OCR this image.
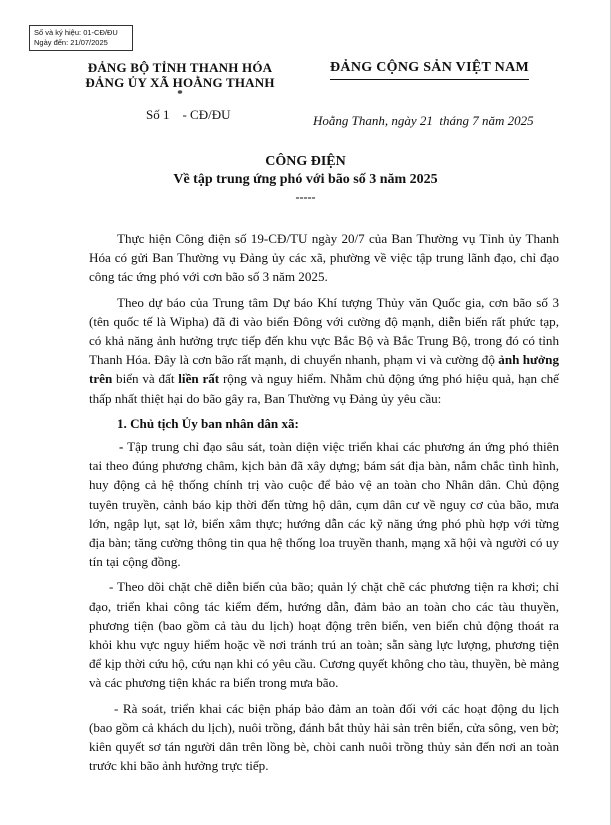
Số và ký hiệu: 01-CĐ/ĐU
Ngày đến: 21/07/2025
ĐẢNG BỘ TỈNH THANH HÓA
ĐẢNG ỦY XÃ HOẰNG THANH
*
Số 1    - CĐ/ĐU
ĐẢNG CỘNG SẢN VIỆT NAM
Hoằng Thanh, ngày 21  tháng 7 năm 2025
CÔNG ĐIỆN
Về tập trung ứng phó với bão số 3 năm 2025
-----

Thực hiện Công điện số 19-CĐ/TU ngày 20/7 của Ban Thường vụ Tỉnh ủy Thanh Hóa có gửi Ban Thường vụ Đảng ủy các xã, phường về việc tập trung lãnh đạo, chỉ đạo công tác ứng phó với cơn bão số 3 năm 2025.

Theo dự báo của Trung tâm Dự báo Khí tượng Thủy văn Quốc gia, cơn bão số 3 (tên quốc tế là Wipha) đã đi vào biển Đông với cường độ mạnh, diễn biến rất phức tạp, có khả năng ảnh hưởng trực tiếp đến khu vực Bắc Bộ và Bắc Trung Bộ, trong đó có tỉnh Thanh Hóa. Đây là cơn bão rất mạnh, di chuyển nhanh, phạm vi và cường độ ảnh hưởng trên biển và đất liền rất rộng và nguy hiểm. Nhằm chủ động ứng phó hiệu quả, hạn chế thấp nhất thiệt hại do bão gây ra, Ban Thường vụ Đảng ủy yêu cầu:

1. Chủ tịch Ủy ban nhân dân xã:

- Tập trung chỉ đạo sâu sát, toàn diện việc triển khai các phương án ứng phó thiên tai theo đúng phương châm, kịch bản đã xây dựng; bám sát địa bàn, nắm chắc tình hình, huy động cả hệ thống chính trị vào cuộc để bảo vệ an toàn cho Nhân dân. Chủ động tuyên truyền, cảnh báo kịp thời đến từng hộ dân, cụm dân cư về nguy cơ của bão, mưa lớn, ngập lụt, sạt lở, biển xâm thực; hướng dẫn các kỹ năng ứng phó phù hợp với từng địa bàn; tăng cường thông tin qua hệ thống loa truyền thanh, mạng xã hội và người có uy tín tại cộng đồng.

- Theo dõi chặt chẽ diễn biến của bão; quản lý chặt chẽ các phương tiện ra khơi; chỉ đạo, triển khai công tác kiểm đếm, hướng dẫn, đảm bảo an toàn cho các tàu thuyền, phương tiện (bao gồm cả tàu du lịch) hoạt động trên biển, ven biển chủ động thoát ra khỏi khu vực nguy hiểm hoặc về nơi tránh trú an toàn; sẵn sàng lực lượng, phương tiện để kịp thời cứu hộ, cứu nạn khi có yêu cầu. Cương quyết không cho tàu, thuyền, bè mảng và các phương tiện khác ra biển trong mưa bão.

- Rà soát, triển khai các biện pháp bảo đảm an toàn đối với các hoạt động du lịch (bao gồm cả khách du lịch), nuôi trồng, đánh bắt thủy hải sản trên biển, cửa sông, ven bờ; kiên quyết sơ tán người dân trên lồng bè, chòi canh nuôi trồng thủy sản đến nơi an toàn trước khi bão ảnh hưởng trực tiếp.
